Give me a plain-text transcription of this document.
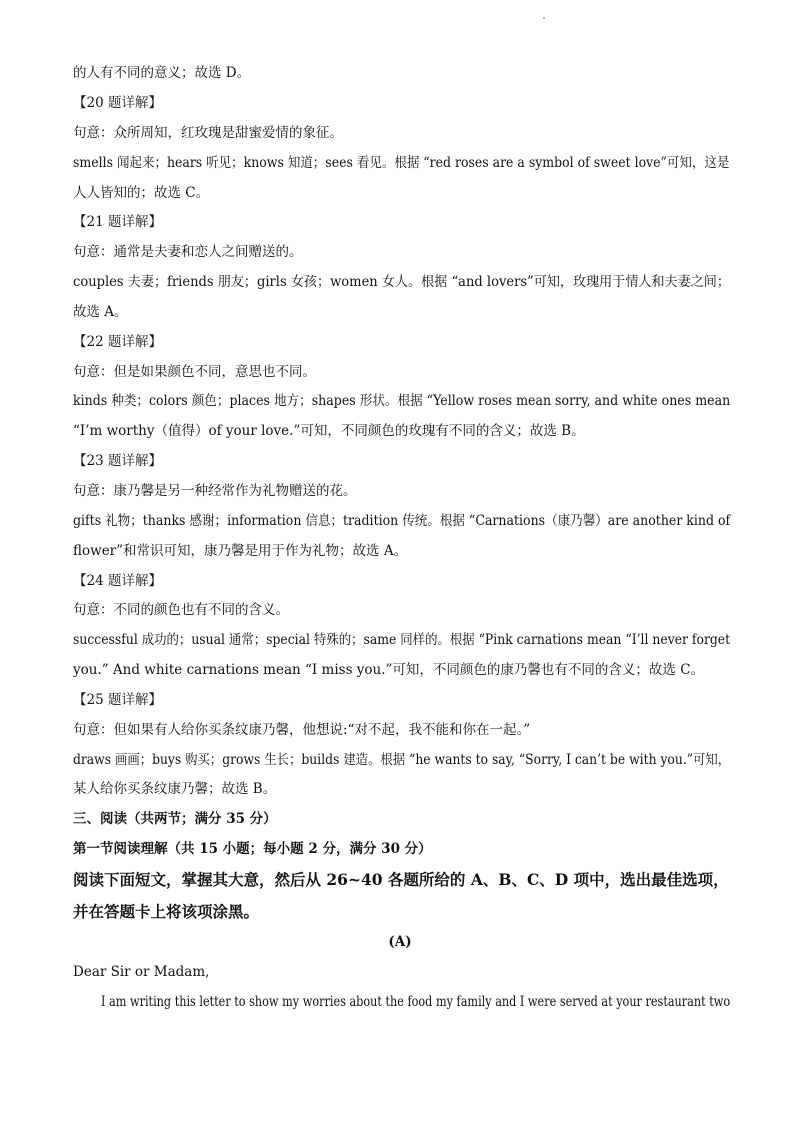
的人有不同的意义；故选 D。
【20 题详解】
句意：众所周知，红玫瑰是甜蜜爱情的象征。
smells 闻起来；hears 听见；knows 知道；sees 看见。根据 “red roses are a symbol of sweet love”可知，这是
人人皆知的；故选 C。
【21 题详解】
句意：通常是夫妻和恋人之间赠送的。
couples 夫妻；friends 朋友；girls 女孩；women 女人。根据 “and lovers”可知，玫瑰用于情人和夫妻之间；
故选 A。
【22 题详解】
句意：但是如果颜色不同，意思也不同。
kinds 种类；colors 颜色；places 地方；shapes 形状。根据 “Yellow roses mean sorry, and white ones mean
“I’m worthy（值得）of your love.”可知，不同颜色的玫瑰有不同的含义；故选 B。
【23 题详解】
句意：康乃馨是另一种经常作为礼物赠送的花。
gifts 礼物；thanks 感谢；information 信息；tradition 传统。根据 “Carnations（康乃馨）are another kind of
flower”和常识可知，康乃馨是用于作为礼物；故选 A。
【24 题详解】
句意：不同的颜色也有不同的含义。
successful 成功的；usual 通常；special 特殊的；same 同样的。根据 “Pink carnations mean “I’ll never forget
you.” And white carnations mean “I miss you.”可知，不同颜色的康乃馨也有不同的含义；故选 C。
【25 题详解】
句意：但如果有人给你买条纹康乃馨，他想说:“对不起，我不能和你在一起。”
draws 画画；buys 购买；grows 生长；builds 建造。根据 “he wants to say, “Sorry, I can’t be with you.”可知，
某人给你买条纹康乃馨；故选 B。
三、阅读（共两节；满分 35 分）
第一节阅读理解（共 15 小题；每小题 2 分，满分 30 分）
阅读下面短文，掌握其大意，然后从 26~40 各题所给的 A、B、C、D 项中，选出最佳选项，
并在答题卡上将该项涂黑。
(A)
Dear Sir or Madam,
I am writing this letter to show my worries about the food my family and I were served at your restaurant two
